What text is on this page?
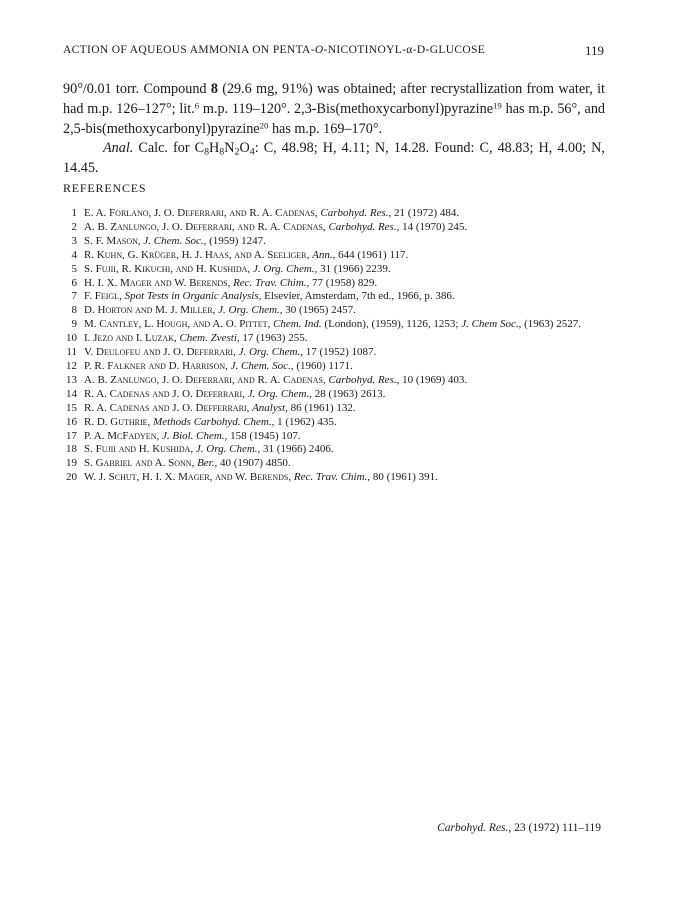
ACTION OF AQUEOUS AMMONIA ON PENTA-O-NICOTINOYL-α-D-GLUCOSE	119

90°/0.01 torr. Compound 8 (29.6 mg, 91%) was obtained; after recrystallization from water, it had m.p. 126–127°; lit.$^6$ m.p. 119–120°. 2,3-Bis(methoxycarbonyl)pyrazine$^{19}$ has m.p. 56°, and 2,5-bis(methoxycarbonyl)pyrazine$^{20}$ has m.p. 169–170°.

Anal. Calc. for $C_8H_8N_2O_4$: C, 48.98; H, 4.11; N, 14.28. Found: C, 48.83; H, 4.00; N, 14.45.

REFERENCES
1 E. A. Forlano, J. O. Deferrari, and R. A. Cadenas, Carbohyd. Res., 21 (1972) 484.
2 A. B. Zanlungo, J. O. Deferrari, and R. A. Cadenas, Carbohyd. Res., 14 (1970) 245.
3 S. F. Mason, J. Chem. Soc., (1959) 1247.
4 R. Kuhn, G. Krüger, H. J. Haas, and A. Seeliger, Ann., 644 (1961) 117.
5 S. Fujii, R. Kikuchi, and H. Kushida, J. Org. Chem., 31 (1966) 2239.
6 H. I. X. Mager and W. Berends, Rec. Trav. Chim., 77 (1958) 829.
7 F. Feigl, Spot Tests in Organic Analysis, Elsevier, Amsterdam, 7th ed., 1966, p. 386.
8 D. Horton and M. J. Miller, J. Org. Chem., 30 (1965) 2457.
9 M. Cantley, L. Hough, and A. O. Pittet, Chem. Ind. (London), (1959), 1126, 1253; J. Chem Soc., (1963) 2527.
10 I. Jezo and I. Luzak, Chem. Zvesti, 17 (1963) 255.
11 V. Deulofeu and J. O. Deferrari, J. Org. Chem., 17 (1952) 1087.
12 P. R. Falkner and D. Harrison, J. Chem. Soc., (1960) 1171.
13 A. B. Zanlungo, J. O. Deferrari, and R. A. Cadenas, Carbohyd. Res., 10 (1969) 403.
14 R. A. Cadenas and J. O. Deferrari, J. Org. Chem., 28 (1963) 2613.
15 R. A. Cadenas and J. O. Defferrari, Analyst, 86 (1961) 132.
16 R. D. Guthrie, Methods Carbohyd. Chem., 1 (1962) 435.
17 P. A. McFadyen, J. Biol. Chem., 158 (1945) 107.
18 S. Fujii and H. Kushida, J. Org. Chem., 31 (1966) 2406.
19 S. Gabriel and A. Sonn, Ber., 40 (1907) 4850.
20 W. J. Schut, H. I. X. Mager, and W. Berends, Rec. Trav. Chim., 80 (1961) 391.
Carbohyd. Res., 23 (1972) 111–119
